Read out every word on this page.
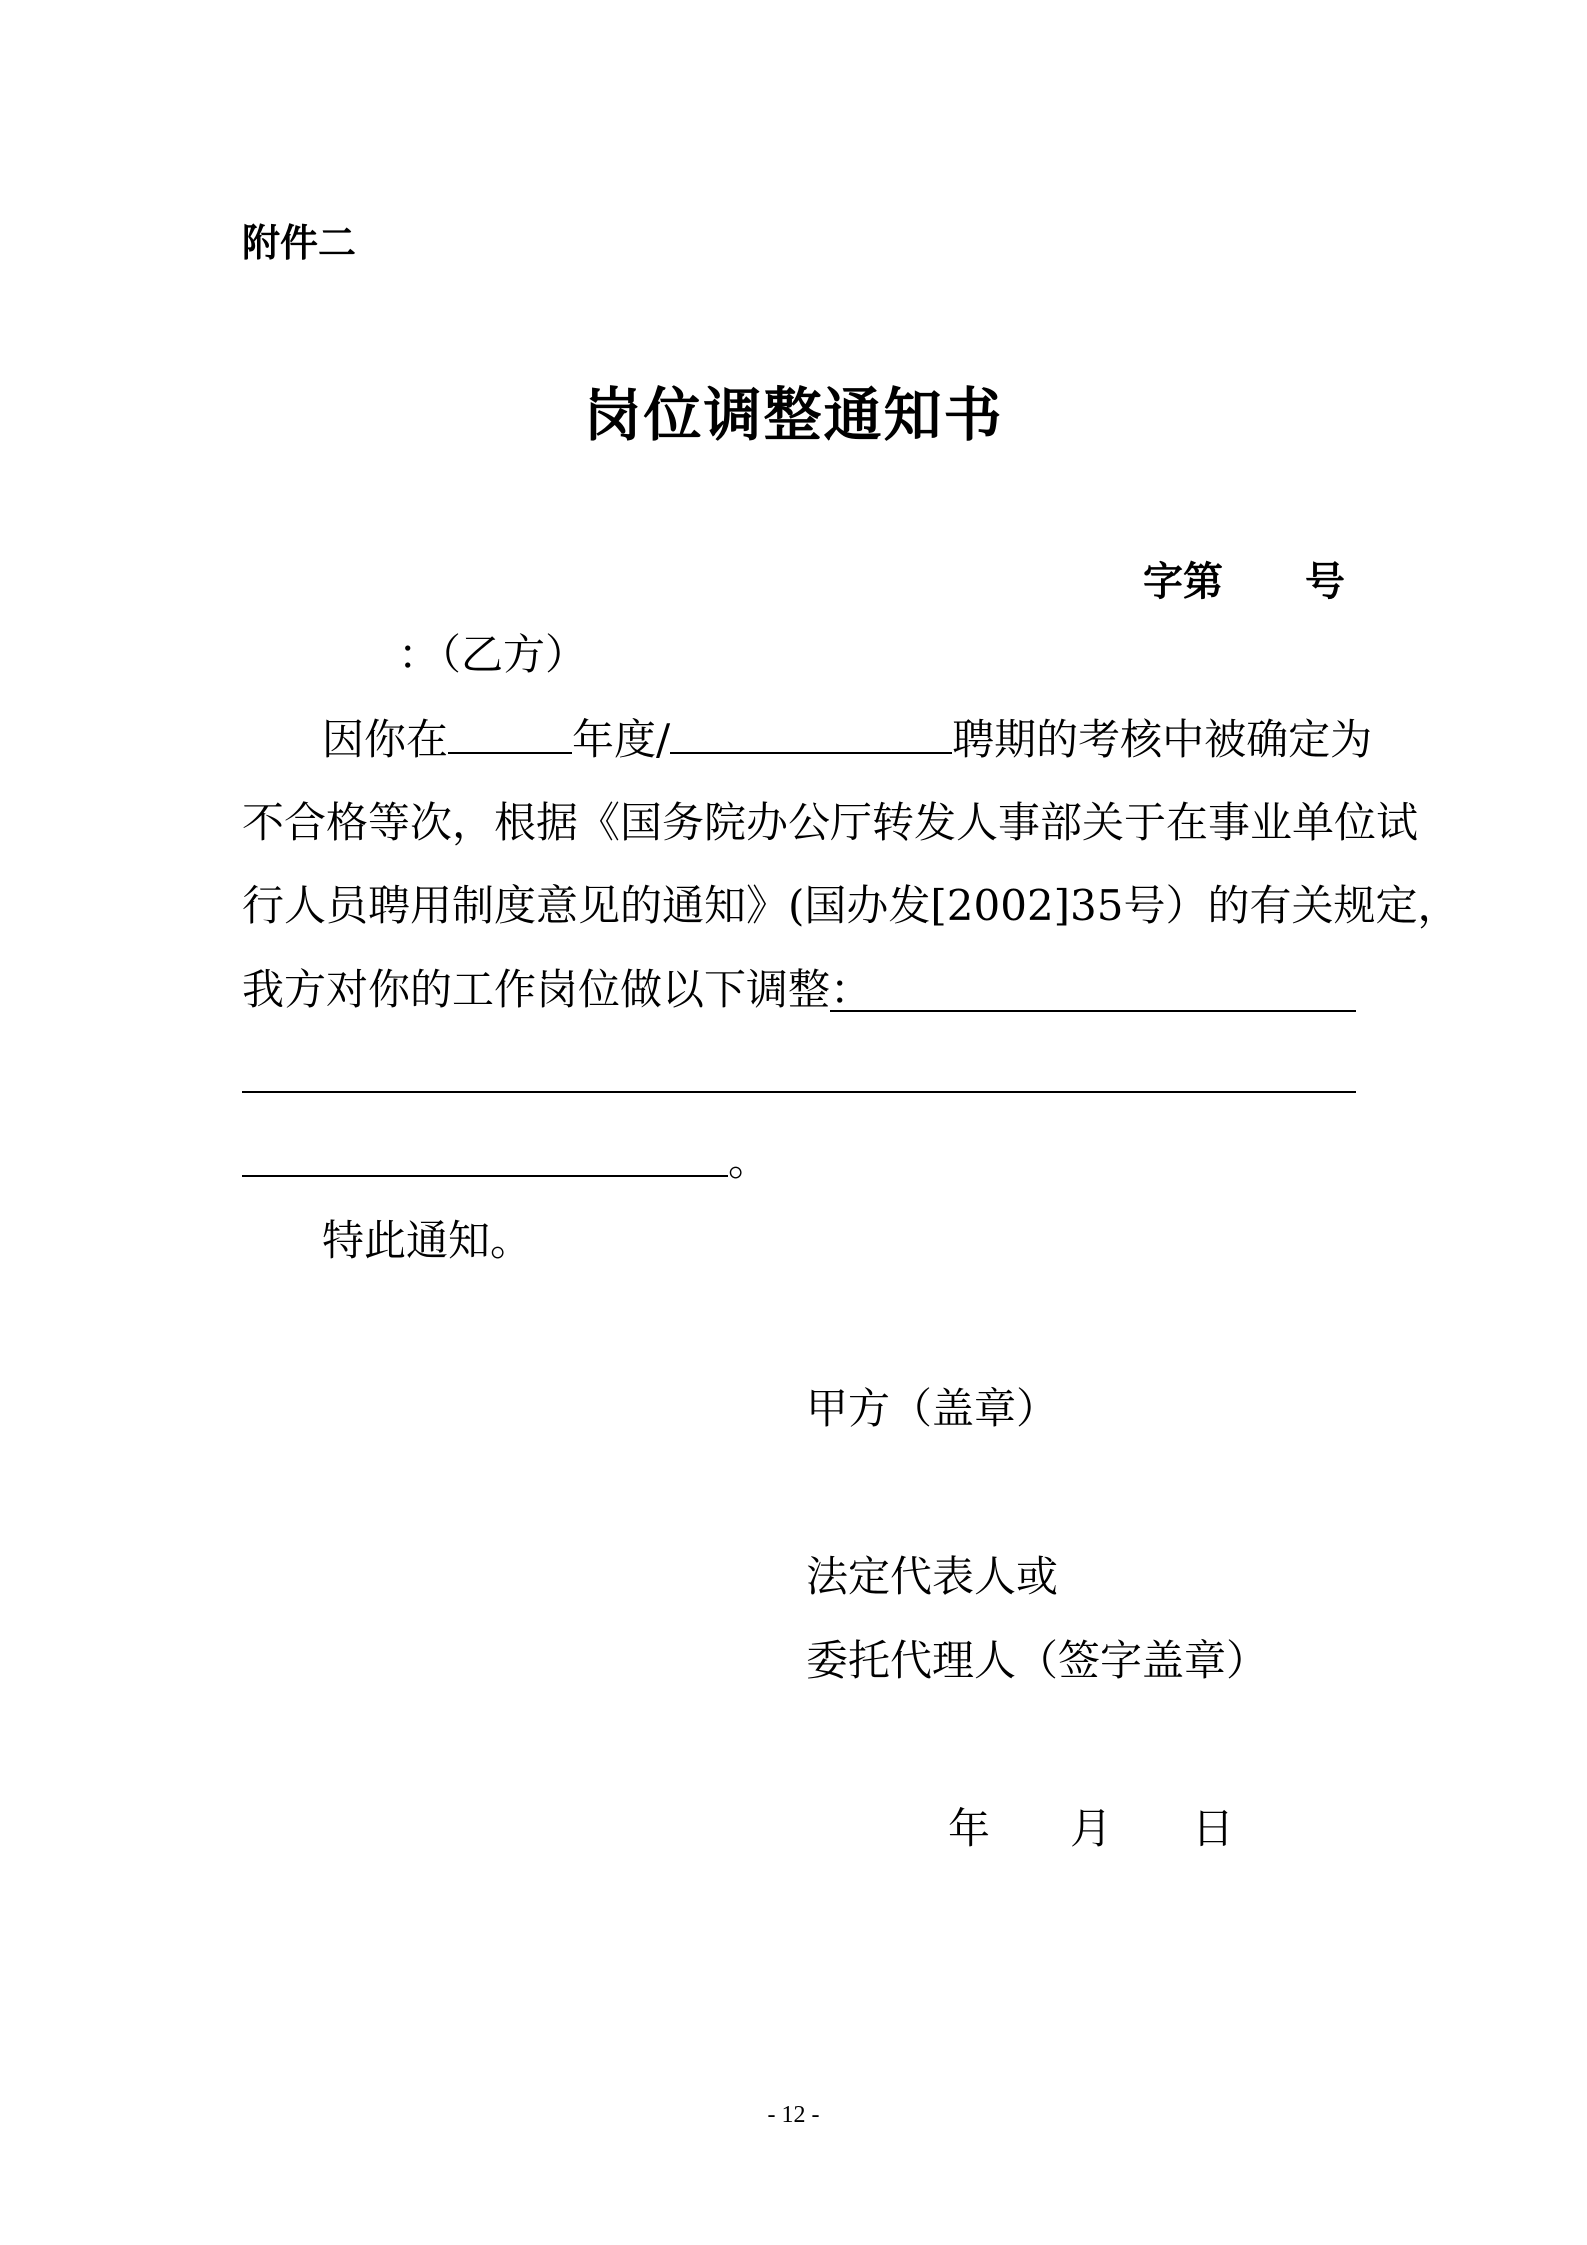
附件二
岗位调整通知书
字第 号
：（乙方）
因你在	年度/	聘期的考核中被确定为
不合格等次，根据《国务院办公厅转发人事部关于在事业单位试
行人员聘用制度意见的通知》(国办发[2002]35号）的有关规定，
我方对你的工作岗位做以下调整：
。
特此通知。
甲方（盖章）
法定代表人或
委托代理人（签字盖章）
年 月 日
- 12 -
